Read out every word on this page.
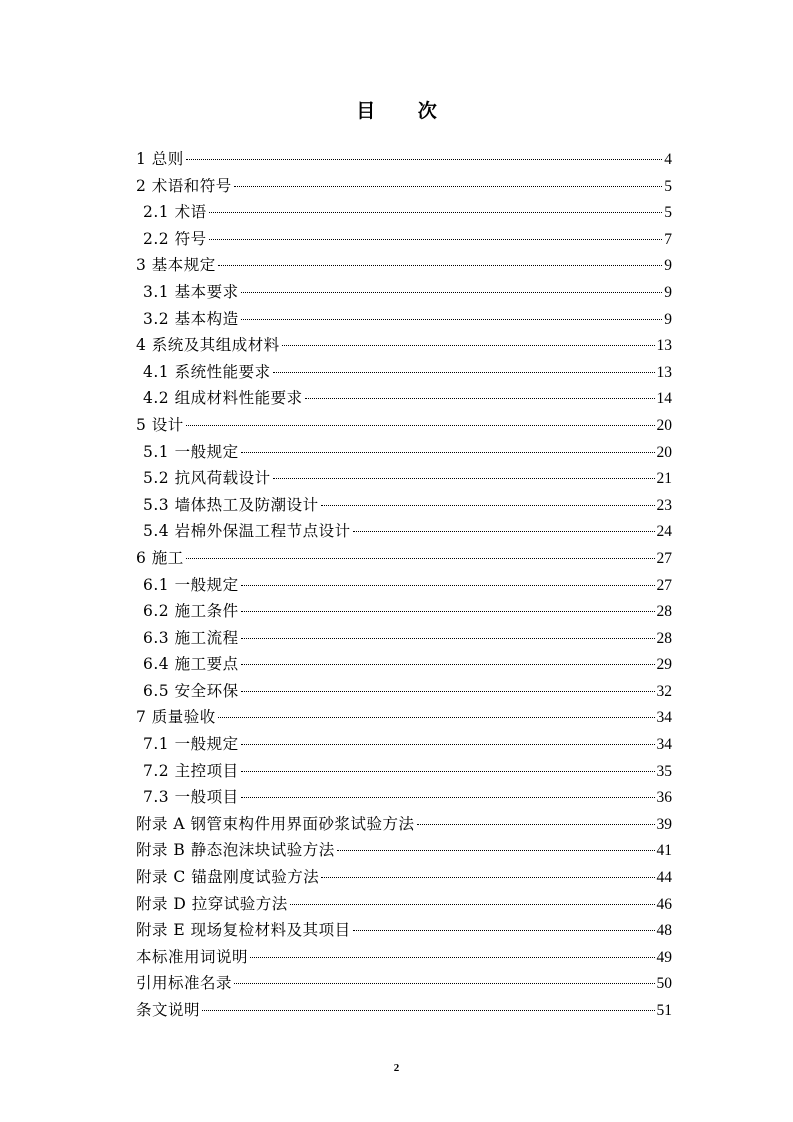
目 次
1 总则	4
2 术语和符号	5
2.1 术语	5
2.2 符号	7
3 基本规定	9
3.1 基本要求	9
3.2 基本构造	9
4 系统及其组成材料	13
4.1 系统性能要求	13
4.2 组成材料性能要求	14
5 设计	20
5.1 一般规定	20
5.2 抗风荷载设计	21
5.3 墙体热工及防潮设计	23
5.4 岩棉外保温工程节点设计	24
6 施工	27
6.1 一般规定	27
6.2 施工条件	28
6.3 施工流程	28
6.4 施工要点	29
6.5 安全环保	32
7 质量验收	34
7.1 一般规定	34
7.2 主控项目	35
7.3 一般项目	36
附录 A 钢管束构件用界面砂浆试验方法	39
附录 B 静态泡沫块试验方法	41
附录 C 锚盘刚度试验方法	44
附录 D 拉穿试验方法	46
附录 E 现场复检材料及其项目	48
本标准用词说明	49
引用标准名录	50
条文说明	51
2
